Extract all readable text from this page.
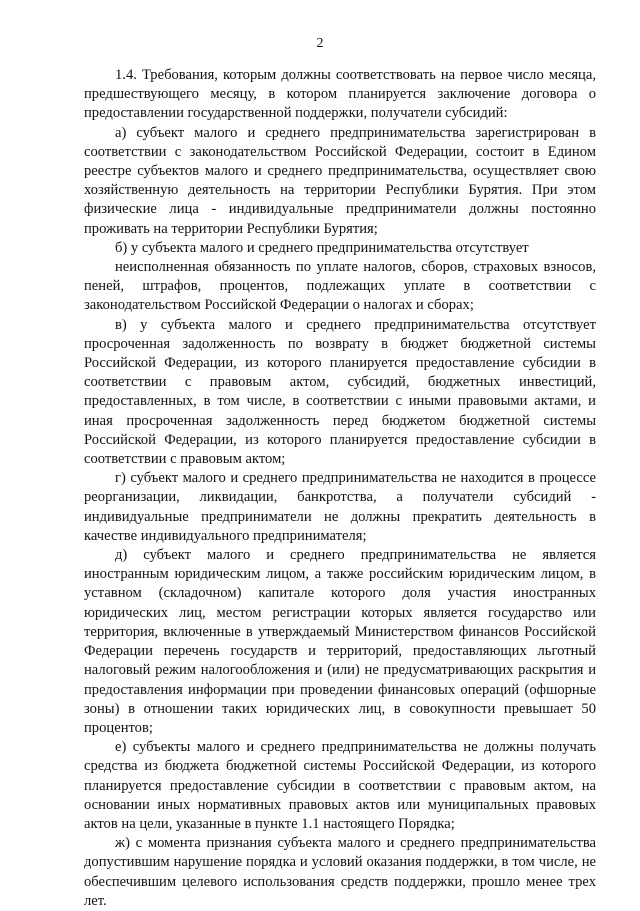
2

1.4. Требования, которым должны соответствовать на первое число месяца, предшествующего месяцу, в котором планируется заключение договора о предоставлении государственной поддержки, получатели субсидий:

а) субъект малого и среднего предпринимательства зарегистрирован в соответствии с законодательством Российской Федерации, состоит в Едином реестре субъектов малого и среднего предпринимательства, осуществляет свою хозяйственную деятельность на территории Республики Бурятия. При этом физические лица - индивидуальные предприниматели должны постоянно проживать на территории Республики Бурятия;

б) у субъекта малого и среднего предпринимательства отсутствует

неисполненная обязанность по уплате налогов, сборов, страховых взносов, пеней, штрафов, процентов, подлежащих уплате в соответствии с законодательством Российской Федерации о налогах и сборах;

в) у субъекта малого и среднего предпринимательства отсутствует просроченная задолженность по возврату в бюджет бюджетной системы Российской Федерации, из которого планируется предоставление субсидии в соответствии с правовым актом, субсидий, бюджетных инвестиций, предоставленных, в том числе, в соответствии с иными правовыми актами, и иная просроченная задолженность перед бюджетом бюджетной системы Российской Федерации, из которого планируется предоставление субсидии в соответствии с правовым актом;

г) субъект малого и среднего предпринимательства не находится в процессе реорганизации, ликвидации, банкротства, а получатели субсидий - индивидуальные предприниматели не должны прекратить деятельность в качестве индивидуального предпринимателя;

д) субъект малого и среднего предпринимательства не является иностранным юридическим лицом, а также российским юридическим лицом, в уставном (складочном) капитале которого доля участия иностранных юридических лиц, местом регистрации которых является государство или территория, включенные в утверждаемый Министерством финансов Российской Федерации перечень государств и территорий, предоставляющих льготный налоговый режим налогообложения и (или) не предусматривающих раскрытия и предоставления информации при проведении финансовых операций (офшорные зоны) в отношении таких юридических лиц, в совокупности превышает 50 процентов;

е) субъекты малого и среднего предпринимательства не должны получать средства из бюджета бюджетной системы Российской Федерации, из которого планируется предоставление субсидии в соответствии с правовым актом, на основании иных нормативных правовых актов или муниципальных правовых актов на цели, указанные в пункте 1.1 настоящего Порядка;

ж) с момента признания субъекта малого и среднего предпринимательства допустившим нарушение порядка и условий оказания поддержки, в том числе, не обеспечившим целевого использования средств поддержки, прошло менее трех лет.
